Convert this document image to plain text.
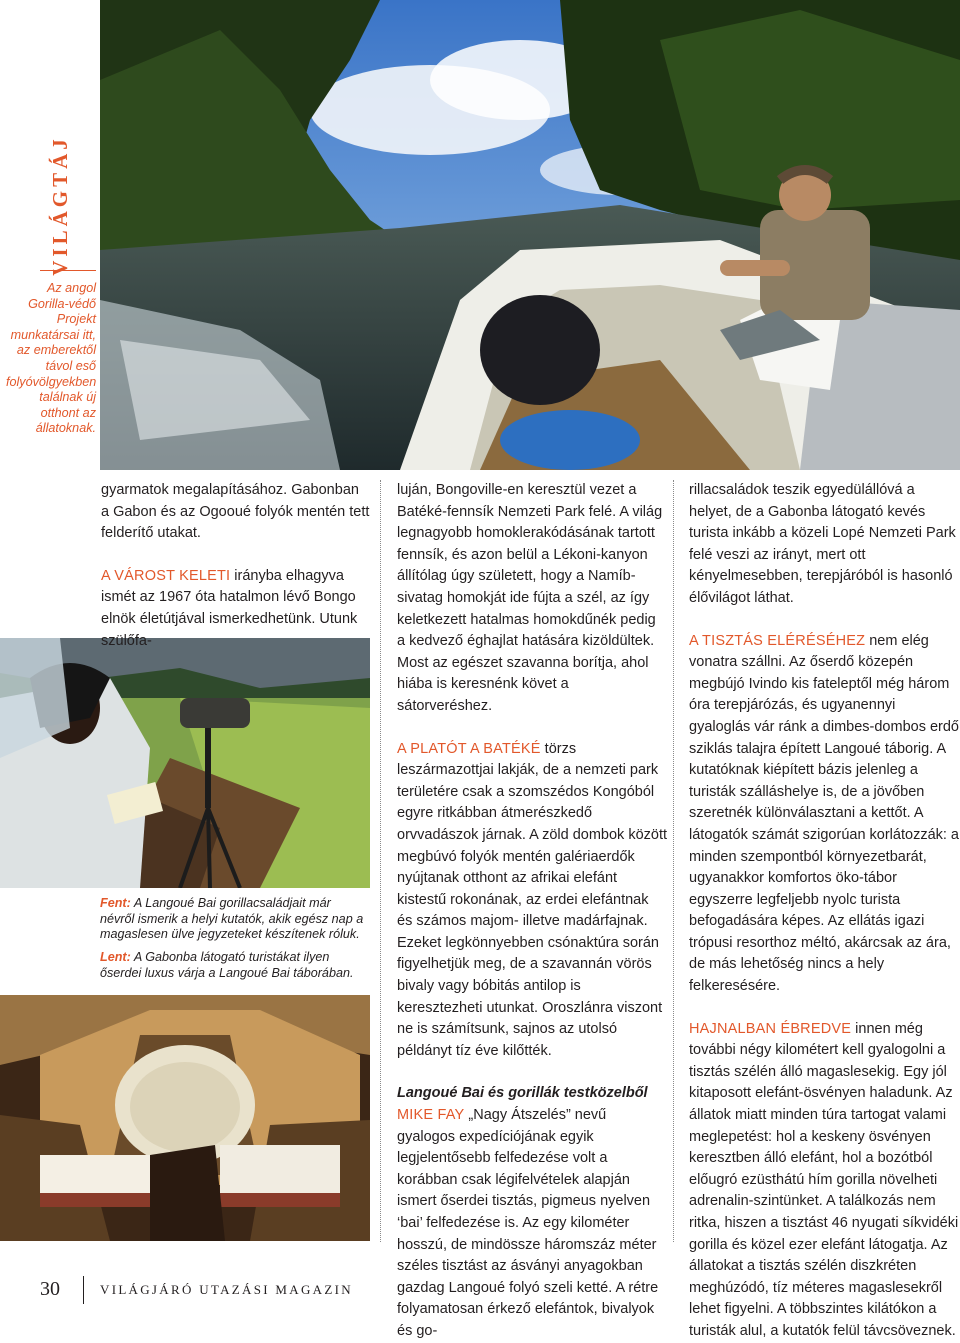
VILÁGTÁJ
Az angol Gorilla-védő Projekt munkatársai itt, az emberektől távol eső folyóvölgyekben találnak új otthont az állatoknak.
Fent: A Langoué Bai gorillacsaládjait már névről ismerik a helyi kutatók, akik egész nap a magaslesen ülve jegyzeteket készítenek róluk.
Lent: A Gabonba látogató turistákat ilyen őserdei luxus várja a Langoué Bai táborában.

gyarmatok megalapításához. Gabonban a Gabon és az Ogooué folyók mentén tett felderítő utakat.

A VÁROST KELETI irányba elhagyva ismét az 1967 óta hatalmon lévő Bongo elnök életútjával ismerkedhetünk. Utunk szülőfa-

luján, Bongoville-en keresztül vezet a Batéké-fennsík Nemzeti Park felé. A világ legnagyobb homoklerakódásának tartott fennsík, és azon belül a Lékoni-kanyon állítólag úgy született, hogy a Namíb-sivatag homokját ide fújta a szél, az így keletkezett hatalmas homokdűnék pedig a kedvező éghajlat hatására kizöldültek. Most az egészet szavanna borítja, ahol hiába is keresnénk követ a sátorveréshez.

A PLATÓT A BATÉKÉ törzs leszármazottjai lakják, de a nemzeti park területére csak a szomszédos Kongóból egyre ritkábban átmerészkedő orvvadászok járnak. A zöld dombok között megbúvó folyók mentén galériaerdők nyújtanak otthont az afrikai elefánt kistestű rokonának, az erdei elefántnak és számos majom- illetve madárfajnak. Ezeket legkönnyebben csónaktúra során figyelhetjük meg, de a szavannán vörös bivaly vagy bóbitás antilop is keresztezheti utunkat. Oroszlánra viszont ne is számítsunk, sajnos az utolsó példányt tíz éve kilőtték.

Langoué Bai és gorillák testközelből

MIKE FAY „Nagy Átszelés” nevű gyalogos expedíciójának egyik legjelentősebb felfedezése volt a korábban csak légifelvételek alapján ismert őserdei tisztás, pigmeus nyelven ‘bai’ felfedezése is. Az egy kilométer hosszú, de mindössze háromszáz méter széles tisztást az ásványi anyagokban gazdag Langoué folyó szeli ketté. A rétre folyamatosan érkező elefántok, bivalyok és go-

rillacsaládok teszik egyedülállóvá a helyet, de a Gabonba látogató kevés turista inkább a közeli Lopé Nemzeti Park felé veszi az irányt, mert ott kényelmesebben, terepjáróból is hasonló élővilágot láthat.

A TISZTÁS ELÉRÉSÉHEZ nem elég vonatra szállni. Az őserdő közepén megbújó Ivindo kis fateleptől még három óra terepjárózás, és ugyanennyi gyaloglás vár ránk a dimbes-dombos erdő sziklás talajra épített Langoué táborig. A kutatóknak kiépített bázis jelenleg a turisták szálláshelye is, de a jövőben szeretnék különválasztani a kettőt. A látogatók számát szigorúan korlátozzák: a minden szempontból környezetbarát, ugyanakkor komfortos öko-tábor egyszerre legfeljebb nyolc turista befogadására képes. Az ellátás igazi trópusi resorthoz méltó, akárcsak az ára, de más lehetőség nincs a hely felkeresésére.

HAJNALBAN ÉBREDVE innen még további négy kilométert kell gyalogolni a tisztás szélén álló magaslesekig. Egy jól kitaposott elefánt-ösvényen haladunk. Az állatok miatt minden túra tartogat valami meglepetést: hol a keskeny ösvényen keresztben álló elefánt, hol a bozótból előugró ezüsthátú hím gorilla növelheti adrenalin-szintünket. A találkozás nem ritka, hiszen a tisztást 46 nyugati síkvidéki gorilla és közel ezer elefánt látogatja. Az állatokat a tisztás szélén diszkréten meghúzódó, tíz méteres magaslesekről lehet figyelni. A többszintes kilátókon a turisták alul, a kutatók felül távcsöveznek.

30	VILÁGJÁRÓ UTAZÁSI MAGAZIN
